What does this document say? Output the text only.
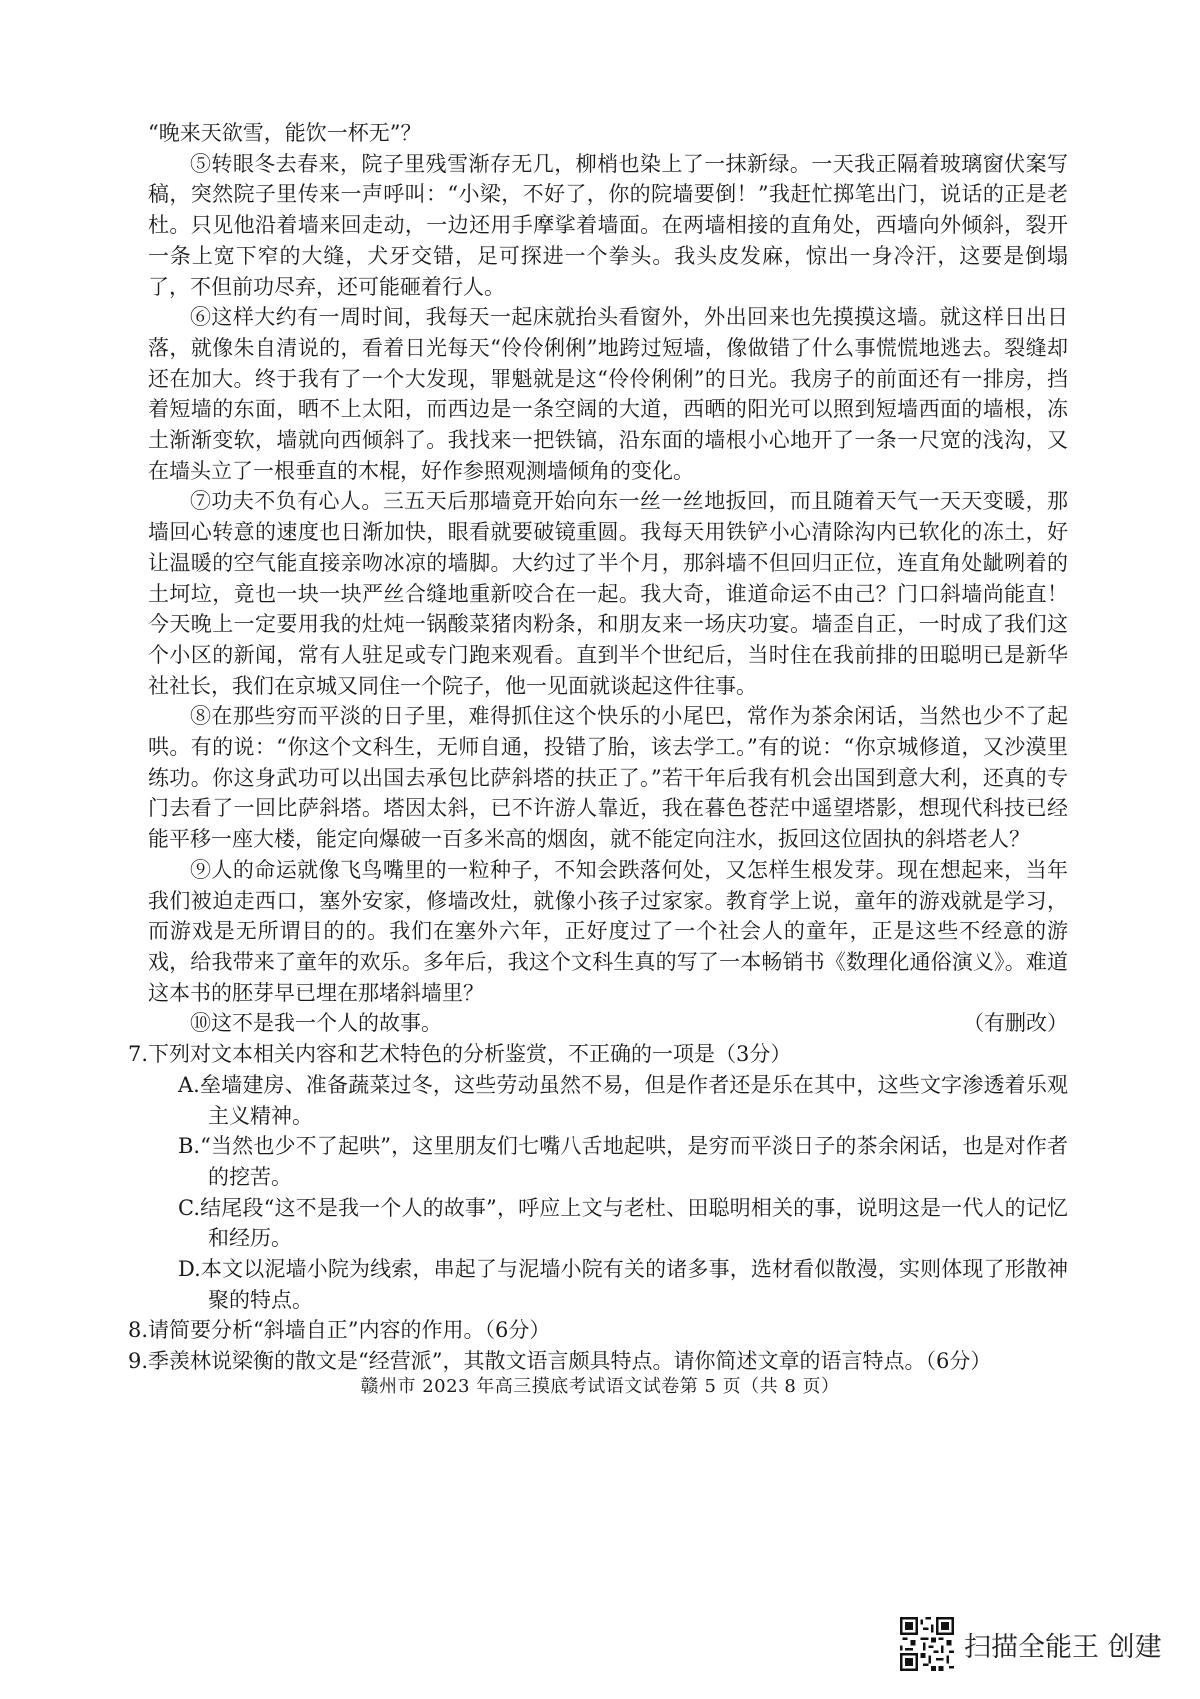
“晚来天欲雪，能饮一杯无”？

⑤转眼冬去春来，院子里残雪渐存无几，柳梢也染上了一抹新绿。一天我正隔着玻璃窗伏案写稿，突然院子里传来一声呼叫：“小梁，不好了，你的院墙要倒！”我赶忙掷笔出门，说话的正是老杜。只见他沿着墙来回走动，一边还用手摩挲着墙面。在两墙相接的直角处，西墙向外倾斜，裂开一条上宽下窄的大缝，犬牙交错，足可探进一个拳头。我头皮发麻，惊出一身冷汗，这要是倒塌了，不但前功尽弃，还可能砸着行人。

⑥这样大约有一周时间，我每天一起床就抬头看窗外，外出回来也先摸摸这墙。就这样日出日落，就像朱自清说的，看着日光每天“伶伶俐俐”地跨过短墙，像做错了什么事慌慌地逃去。裂缝却还在加大。终于我有了一个大发现，罪魁就是这“伶伶俐俐”的日光。我房子的前面还有一排房，挡着短墙的东面，晒不上太阳，而西边是一条空阔的大道，西晒的阳光可以照到短墙西面的墙根，冻土渐渐变软，墙就向西倾斜了。我找来一把铁镐，沿东面的墙根小心地开了一条一尺宽的浅沟，又在墙头立了一根垂直的木棍，好作参照观测墙倾角的变化。

⑦功夫不负有心人。三五天后那墙竟开始向东一丝一丝地扳回，而且随着天气一天天变暖，那墙回心转意的速度也日渐加快，眼看就要破镜重圆。我每天用铁铲小心清除沟内已软化的冻土，好让温暖的空气能直接亲吻冰凉的墙脚。大约过了半个月，那斜墙不但回归正位，连直角处龇咧着的土坷垃，竟也一块一块严丝合缝地重新咬合在一起。我大奇，谁道命运不由己？门口斜墙尚能直！今天晚上一定要用我的灶炖一锅酸菜猪肉粉条，和朋友来一场庆功宴。墙歪自正，一时成了我们这个小区的新闻，常有人驻足或专门跑来观看。直到半个世纪后，当时住在我前排的田聪明已是新华社社长，我们在京城又同住一个院子，他一见面就谈起这件往事。

⑧在那些穷而平淡的日子里，难得抓住这个快乐的小尾巴，常作为茶余闲话，当然也少不了起哄。有的说：“你这个文科生，无师自通，投错了胎，该去学工。”有的说：“你京城修道，又沙漠里练功。你这身武功可以出国去承包比萨斜塔的扶正了。”若干年后我有机会出国到意大利，还真的专门去看了一回比萨斜塔。塔因太斜，已不许游人靠近，我在暮色苍茫中遥望塔影，想现代科技已经能平移一座大楼，能定向爆破一百多米高的烟囱，就不能定向注水，扳回这位固执的斜塔老人？

⑨人的命运就像飞鸟嘴里的一粒种子，不知会跌落何处，又怎样生根发芽。现在想起来，当年我们被迫走西口，塞外安家，修墙改灶，就像小孩子过家家。教育学上说，童年的游戏就是学习，而游戏是无所谓目的的。我们在塞外六年，正好度过了一个社会人的童年，正是这些不经意的游戏，给我带来了童年的欢乐。多年后，我这个文科生真的写了一本畅销书《数理化通俗演义》。难道这本书的胚芽早已埋在那堵斜墙里？

⑩这不是我一个人的故事。	（有删改）

7.下列对文本相关内容和艺术特色的分析鉴赏，不正确的一项是（3分）

A.垒墙建房、准备蔬菜过冬，这些劳动虽然不易，但是作者还是乐在其中，这些文字渗透着乐观主义精神。

B.“当然也少不了起哄”，这里朋友们七嘴八舌地起哄，是穷而平淡日子的茶余闲话，也是对作者的挖苦。

C.结尾段“这不是我一个人的故事”，呼应上文与老杜、田聪明相关的事，说明这是一代人的记忆和经历。

D.本文以泥墙小院为线索，串起了与泥墙小院有关的诸多事，选材看似散漫，实则体现了形散神聚的特点。

8.请简要分析“斜墙自正”内容的作用。（6分）

9.季羡林说梁衡的散文是“经营派”，其散文语言颇具特点。请你简述文章的语言特点。（6分）

赣州市 2023 年高三摸底考试语文试卷第 5 页（共 8 页）
扫描全能王 创建
